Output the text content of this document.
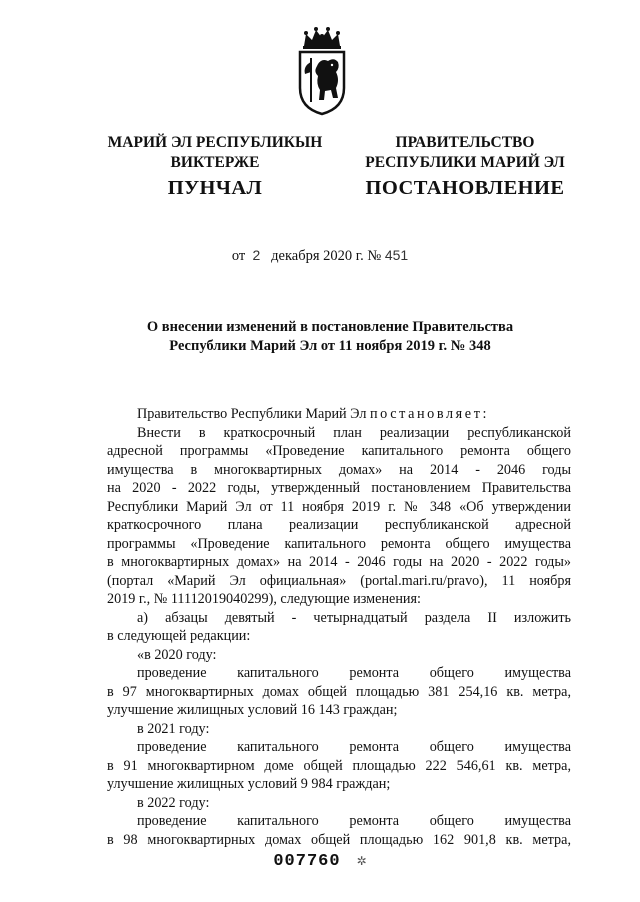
МАРИЙ ЭЛ РЕСПУБЛИКЫН
ВИКТЕРЖЕ
ПРАВИТЕЛЬСТВО
РЕСПУБЛИКИ МАРИЙ ЭЛ
ПУНЧАЛ	ПОСТАНОВЛЕНИЕ
от 2 декабря 2020 г. № 451
О внесении изменений в постановление Правительства
Республики Марий Эл от 11 ноября 2019 г. № 348
Правительство Республики Марий Эл постановляет:
Внести в краткосрочный план реализации республиканской
адресной программы «Проведение капитального ремонта общего
имущества в многоквартирных домах» на 2014 - 2046 годы
на 2020 - 2022 годы, утвержденный постановлением Правительства
Республики Марий Эл от 11 ноября 2019 г. № 348 «Об утверждении
краткосрочного плана реализации республиканской адресной
программы «Проведение капитального ремонта общего имущества
в многоквартирных домах» на 2014 - 2046 годы на 2020 - 2022 годы»
(портал «Марий Эл официальная» (portal.mari.ru/pravo), 11 ноября
2019 г., № 11112019040299), следующие изменения:
а) абзацы девятый - четырнадцатый раздела II изложить
в следующей редакции:
«в 2020 году:
проведение капитального ремонта общего имущества
в 97 многоквартирных домах общей площадью 381 254,16 кв. метра,
улучшение жилищных условий 16 143 граждан;
в 2021 году:
проведение капитального ремонта общего имущества
в 91 многоквартирном доме общей площадью 222 546,61 кв. метра,
улучшение жилищных условий 9 984 граждан;
в 2022 году:
проведение капитального ремонта общего имущества
в 98 многоквартирных домах общей площадью 162 901,8 кв. метра,
007760 ✲
